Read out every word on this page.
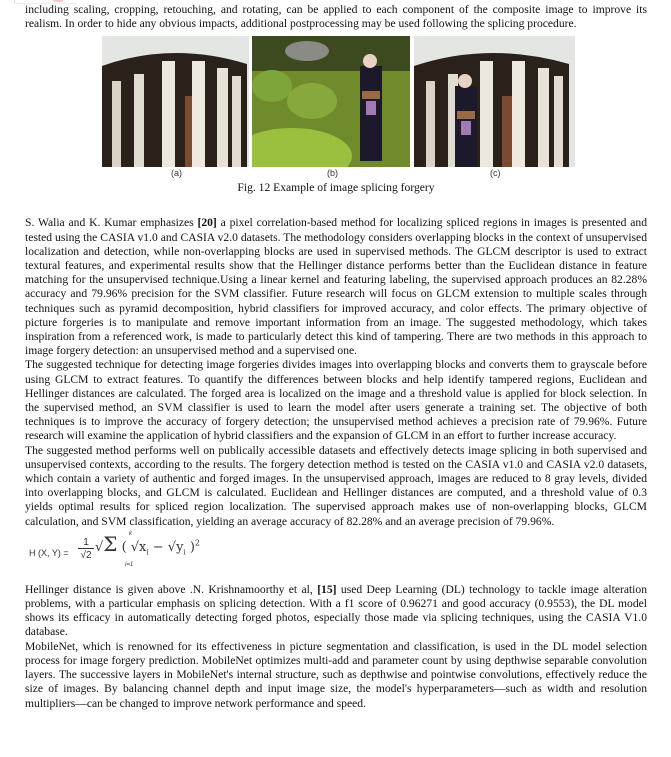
including scaling, cropping, retouching, and rotating, can be applied to each component of the composite image to improve its realism. In order to hide any obvious impacts, additional postprocessing may be used following the splicing procedure.

(a)	(b)	(c)
Fig. 12 Example of image splicing forgery

S. Walia and K. Kumar emphasizes [20] a pixel correlation-based method for localizing spliced regions in images is presented and tested using the CASIA v1.0 and CASIA v2.0 datasets. The methodology considers overlapping blocks in the context of unsupervised localization and detection, while non-overlapping blocks are used in supervised methods. The GLCM descriptor is used to extract textural features, and experimental results show that the Hellinger distance performs better than the Euclidean distance in feature matching for the unsupervised technique.Using a linear kernel and featuring labeling, the supervised approach produces an 82.28% accuracy and 79.96% precision for the SVM classifier. Future research will focus on GLCM extension to multiple scales through techniques such as pyramid decomposition, hybrid classifiers for improved accuracy, and color effects. The primary objective of picture forgeries is to manipulate and remove important information from an image. The suggested methodology, which takes inspiration from a referenced work, is made to particularly detect this kind of tampering. There are two methods in this approach to image forgery detection: an unsupervised method and a supervised one.

The suggested technique for detecting image forgeries divides images into overlapping blocks and converts them to grayscale before using GLCM to extract features. To quantify the differences between blocks and help identify tampered regions, Euclidean and Hellinger distances are calculated. The forged area is localized on the image and a threshold value is applied for block selection. In the supervised method, an SVM classifier is used to learn the model after users generate a training set. The objective of both techniques is to improve the accuracy of forgery detection; the unsupervised method achieves a precision rate of 79.96%. Future research will examine the application of hybrid classifiers and the expansion of GLCM in an effort to further increase accuracy.

The suggested method performs well on publically accessible datasets and effectively detects image splicing in both supervised and unsupervised contexts, according to the results. The forgery detection method is tested on the CASIA v1.0 and CASIA v2.0 datasets, which contain a variety of authentic and forged images. In the unsupervised approach, images are reduced to 8 gray levels, divided into overlapping blocks, and GLCM is calculated. Euclidean and Hellinger distances are computed, and a threshold value of 0.3 yields optimal results for spliced region localization. The supervised approach makes use of non-overlapping blocks, GLCM calculation, and SVM classification, yielding an average accuracy of 82.28% and an average precision of 79.96%.

H (X, $Y) = \frac{1}{√2}$
k
√Σ ( $√x_i - √y_i$ )$^2$
i=1

Hellinger distance is given above .N. Krishnamoorthy et al, [15] used Deep Learning (DL) technology to tackle image alteration problems, with a particular emphasis on splicing detection. With a f1 score of 0.96271 and good accuracy (0.9553), the DL model shows its efficacy in automatically detecting forged photos, especially those made via splicing techniques, using the CASIA V1.0 database.

MobileNet, which is renowned for its effectiveness in picture segmentation and classification, is used in the DL model selection process for image forgery prediction. MobileNet optimizes multi-add and parameter count by using depthwise separable convolution layers. The successive layers in MobileNet's internal structure, such as depthwise and pointwise convolutions, effectively reduce the size of images. By balancing channel depth and input image size, the model's hyperparameters—such as width and resolution multipliers—can be changed to improve network performance and speed.
